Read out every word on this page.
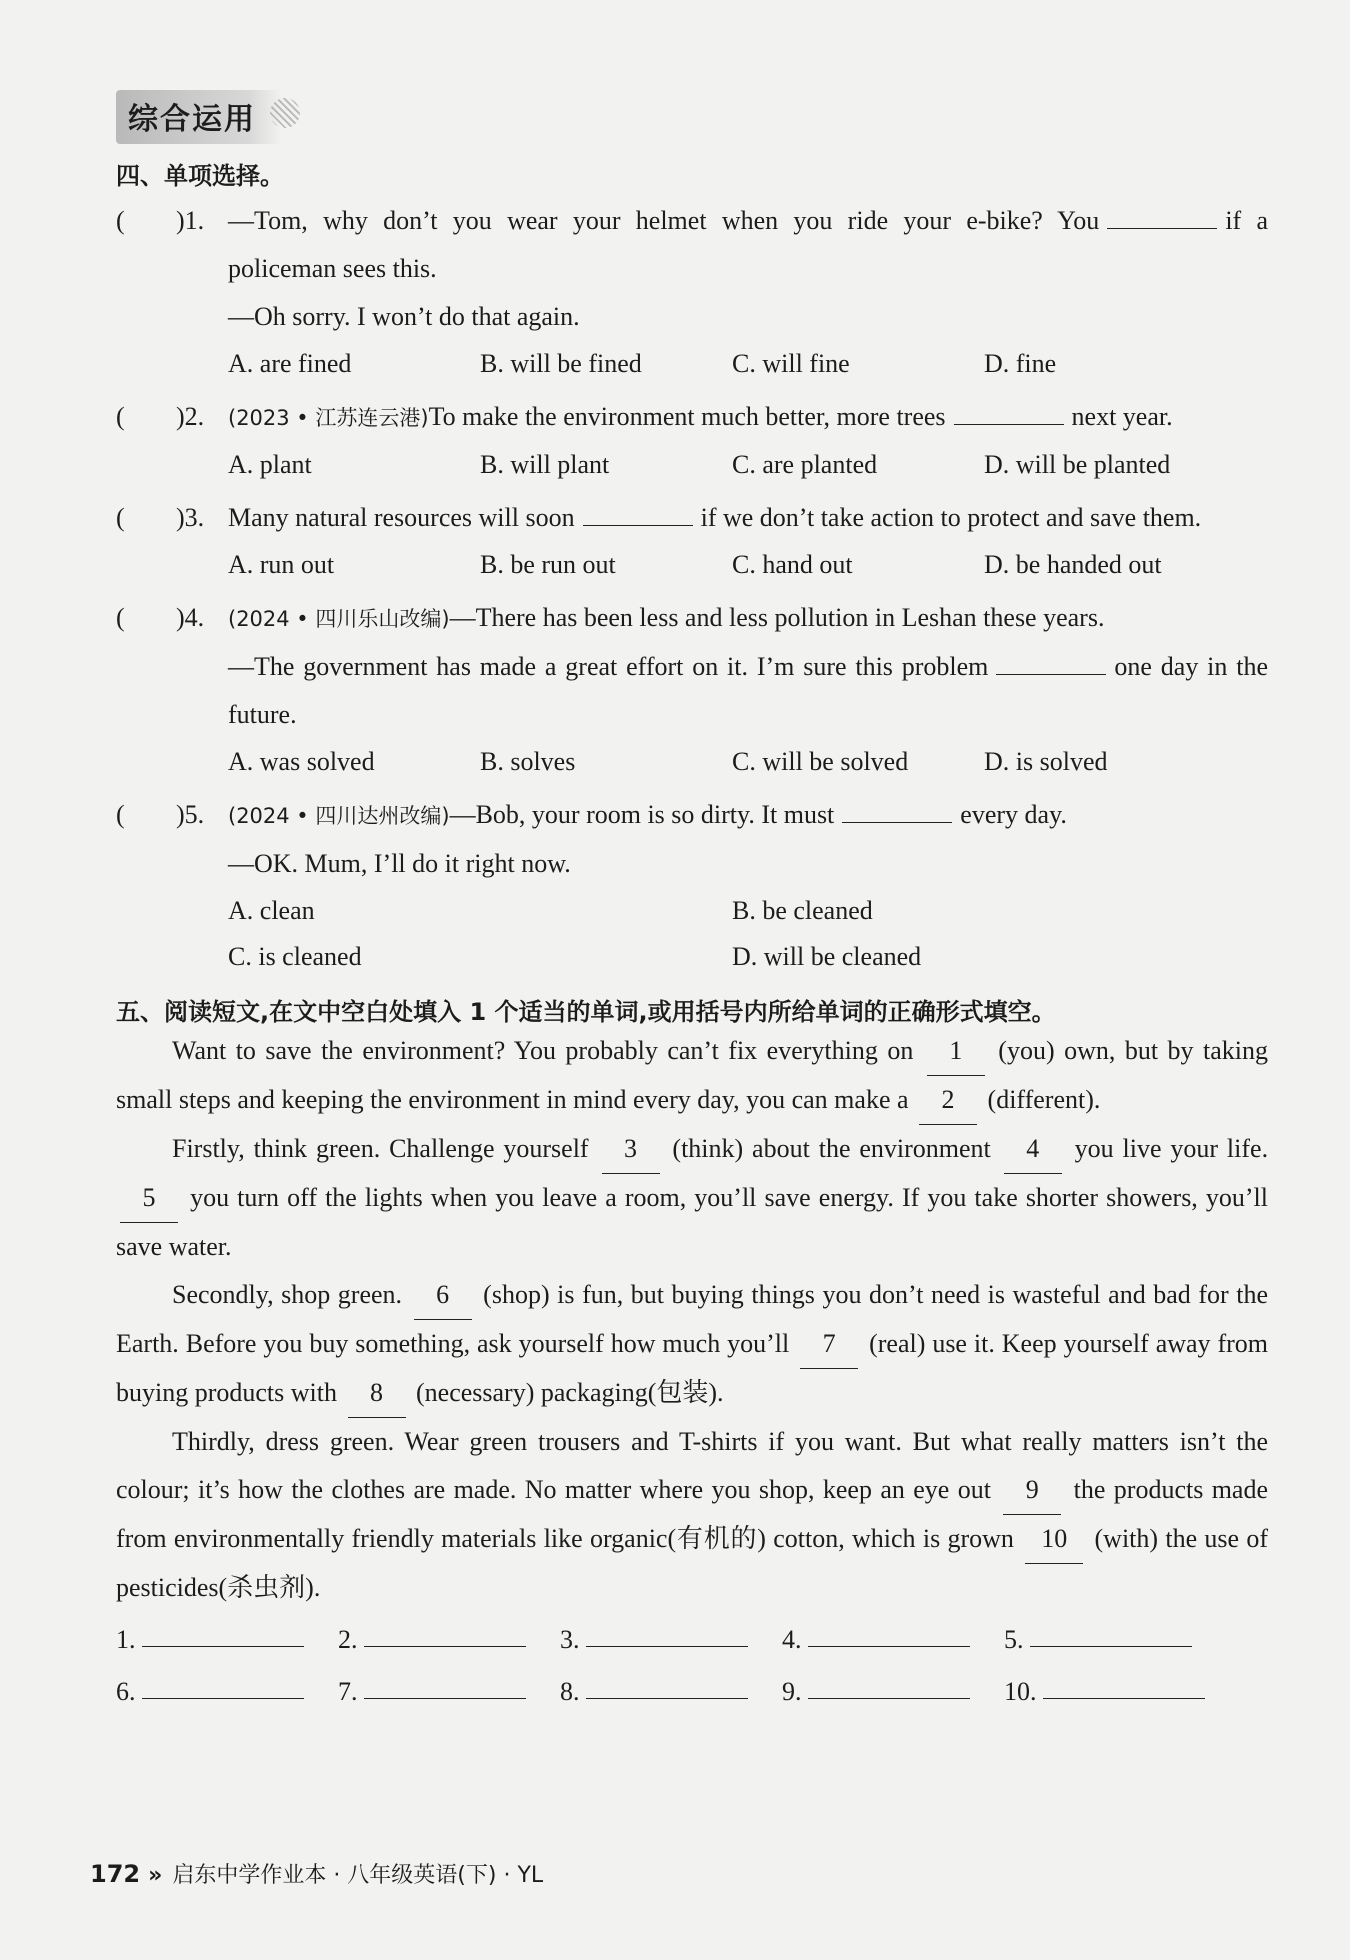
综合运用
四、单项选择。
( )1. —Tom, why don’t you wear your helmet when you ride your e-bike? You	if a policeman sees this.
—Oh sorry. I won’t do that again.
A. are fined	B. will be fined	C. will fine	D. fine
( )2. (2023 • 江苏连云港)To make the environment much better, more trees	next year.
A. plant	B. will plant	C. are planted	D. will be planted
( )3. Many natural resources will soon	if we don’t take action to protect and save them.
A. run out	B. be run out	C. hand out	D. be handed out
( )4. (2024 • 四川乐山改编)—There has been less and less pollution in Leshan these years.
—The government has made a great effort on it. I’m sure this problem	one day in the future.
A. was solved	B. solves	C. will be solved	D. is solved
( )5. (2024 • 四川达州改编)—Bob, your room is so dirty. It must	every day.
—OK. Mum, I’ll do it right now.
A. clean	B. be cleaned
C. is cleaned	D. will be cleaned
五、阅读短文,在文中空白处填入 1 个适当的单词,或用括号内所给单词的正确形式填空。
Want to save the environment? You probably can’t fix everything on 1 (you) own, but by taking small steps and keeping the environment in mind every day, you can make a 2 (different).
Firstly, think green. Challenge yourself 3 (think) about the environment 4 you live your life. 5 you turn off the lights when you leave a room, you’ll save energy. If you take shorter showers, you’ll save water.
Secondly, shop green. 6 (shop) is fun, but buying things you don’t need is wasteful and bad for the Earth. Before you buy something, ask yourself how much you’ll 7 (real) use it. Keep yourself away from buying products with 8 (necessary) packaging(包装).
Thirdly, dress green. Wear green trousers and T-shirts if you want. But what really matters isn’t the colour; it’s how the clothes are made. No matter where you shop, keep an eye out 9 the products made from environmentally friendly materials like organic(有机的) cotton, which is grown 10 (with) the use of pesticides(杀虫剂).
1.	2.	3.	4.	5.
6.	7.	8.	9.	10.
172 » 启东中学作业本 · 八年级英语(下) · YL
